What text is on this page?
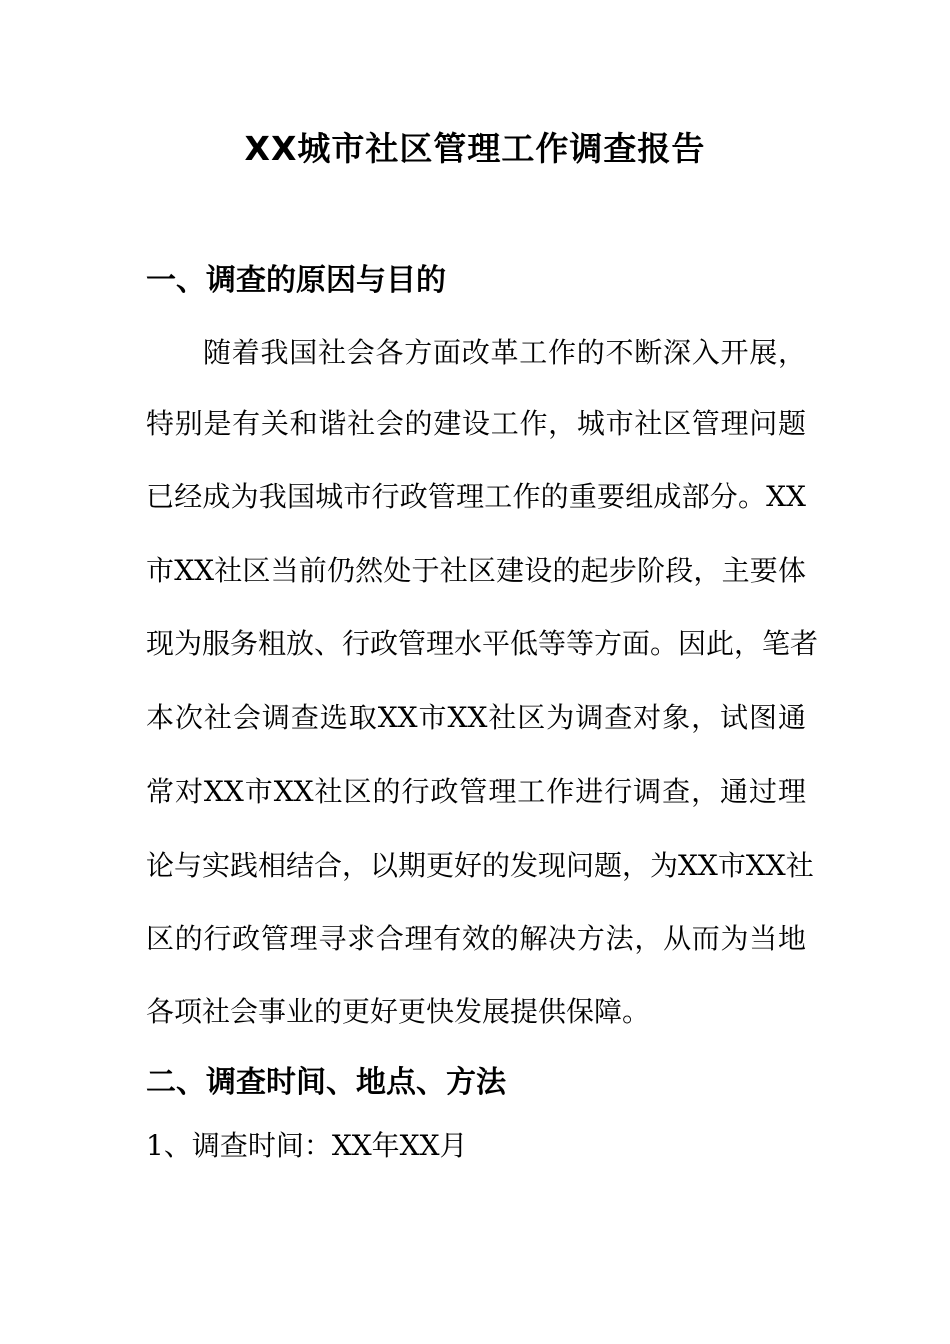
XX城市社区管理工作调查报告
一、调查的原因与目的
随着我国社会各方面改革工作的不断深入开展，
特别是有关和谐社会的建设工作，城市社区管理问题
已经成为我国城市行政管理工作的重要组成部分。XX
市XX社区当前仍然处于社区建设的起步阶段，主要体
现为服务粗放、行政管理水平低等等方面。因此，笔者
本次社会调查选取XX市XX社区为调查对象，试图通
常对XX市XX社区的行政管理工作进行调查，通过理
论与实践相结合，以期更好的发现问题，为XX市XX社
区的行政管理寻求合理有效的解决方法，从而为当地
各项社会事业的更好更快发展提供保障。
二、调查时间、地点、方法
1、调查时间：XX年XX月
